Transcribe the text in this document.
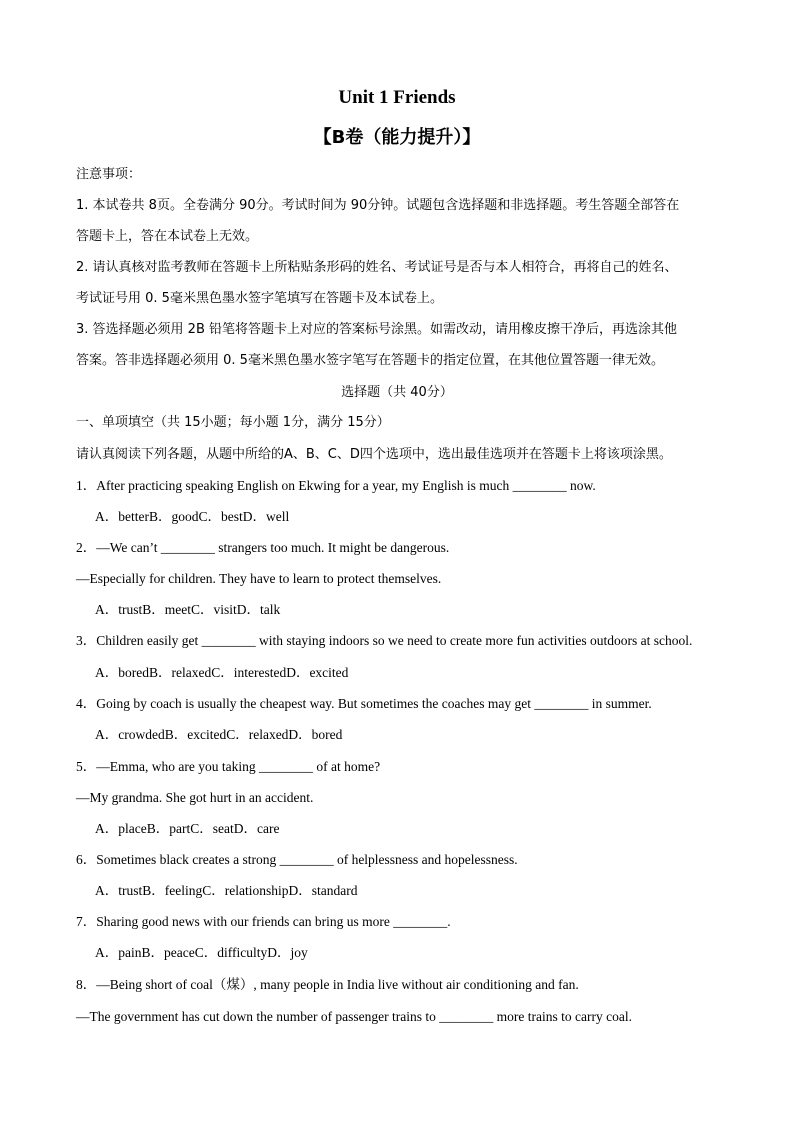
Unit 1 Friends
【B卷（能力提升）】
注意事项：
1. 本试卷共 8页。全卷满分 90分。考试时间为 90分钟。试题包含选择题和非选择题。考生答题全部答在
答题卡上，答在本试卷上无效。
2. 请认真核对监考教师在答题卡上所粘贴条形码的姓名、考试证号是否与本人相符合，再将自己的姓名、
考试证号用 0. 5毫米黑色墨水签字笔填写在答题卡及本试卷上。
3. 答选择题必须用 2B 铅笔将答题卡上对应的答案标号涂黑。如需改动，请用橡皮擦干净后，再选涂其他
答案。答非选择题必须用 0. 5毫米黑色墨水签字笔写在答题卡的指定位置，在其他位置答题一律无效。
选择题（共 40分）
一、单项填空（共 15小题；每小题 1分，满分 15分）
请认真阅读下列各题，从题中所给的A、B、C、D四个选项中，选出最佳选项并在答题卡上将该项涂黑。
1．After practicing speaking English on Ekwing for a year, my English is much ________ now.
A．betterB．goodC．bestD．well
2．—We can’t ________ strangers too much. It might be dangerous.
—Especially for children. They have to learn to protect themselves.
A．trustB．meetC．visitD．talk
3．Children easily get ________ with staying indoors so we need to create more fun activities outdoors at school.
A．boredB．relaxedC．interestedD．excited
4．Going by coach is usually the cheapest way. But sometimes the coaches may get ________ in summer.
A．crowdedB．excitedC．relaxedD．bored
5．—Emma, who are you taking ________ of at home?
—My grandma. She got hurt in an accident.
A．placeB．partC．seatD．care
6．Sometimes black creates a strong ________ of helplessness and hopelessness.
A．trustB．feelingC．relationshipD．standard
7．Sharing good news with our friends can bring us more ________.
A．painB．peaceC．difficultyD．joy
8．—Being short of coal（煤）, many people in India live without air conditioning and fan.
—The government has cut down the number of passenger trains to ________ more trains to carry coal.
